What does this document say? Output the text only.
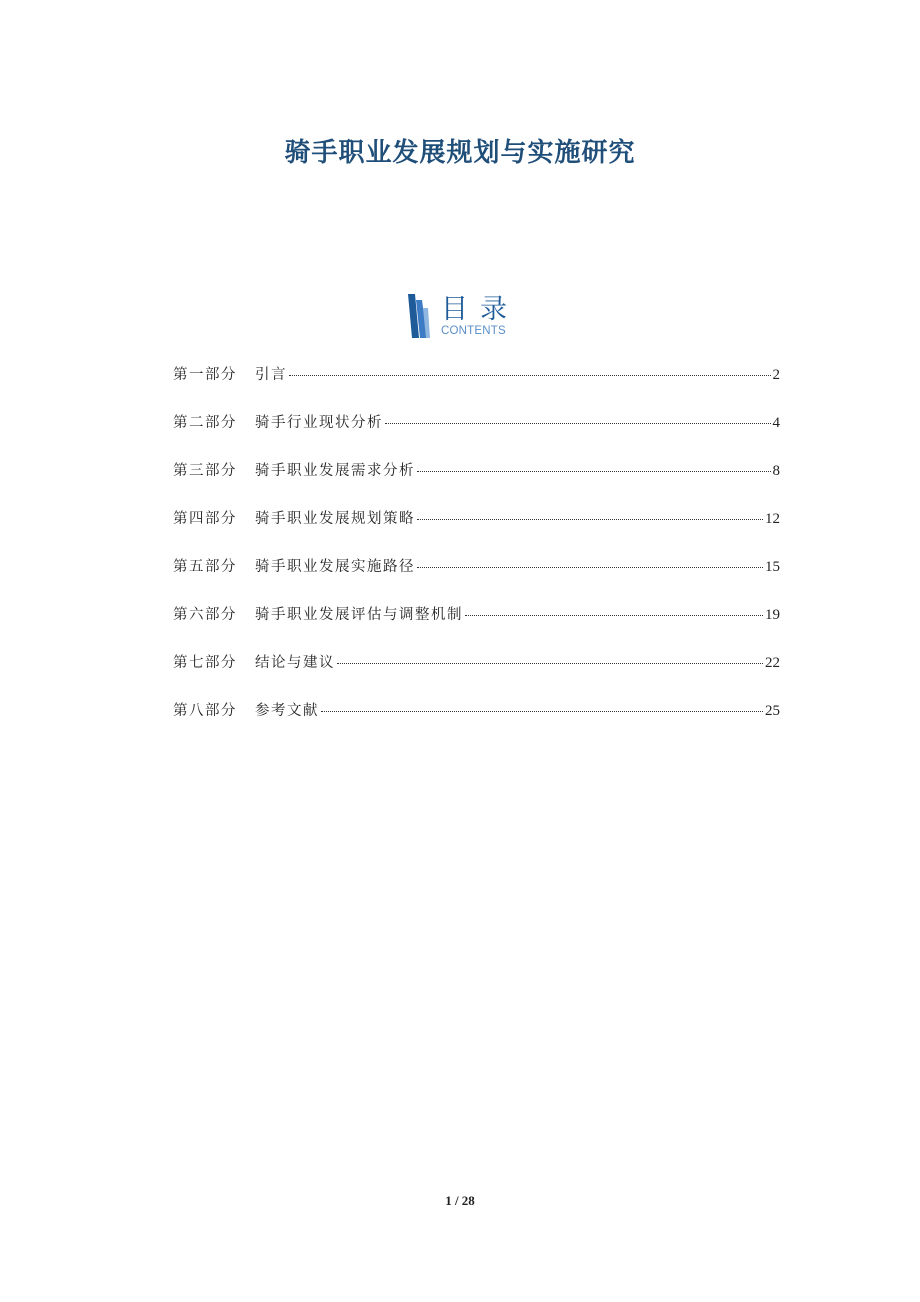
骑手职业发展规划与实施研究
目录
CONTENTS
第一部分	引言	2
第二部分	骑手行业现状分析	4
第三部分	骑手职业发展需求分析	8
第四部分	骑手职业发展规划策略	12
第五部分	骑手职业发展实施路径	15
第六部分	骑手职业发展评估与调整机制	19
第七部分	结论与建议	22
第八部分	参考文献	25
1 / 28
